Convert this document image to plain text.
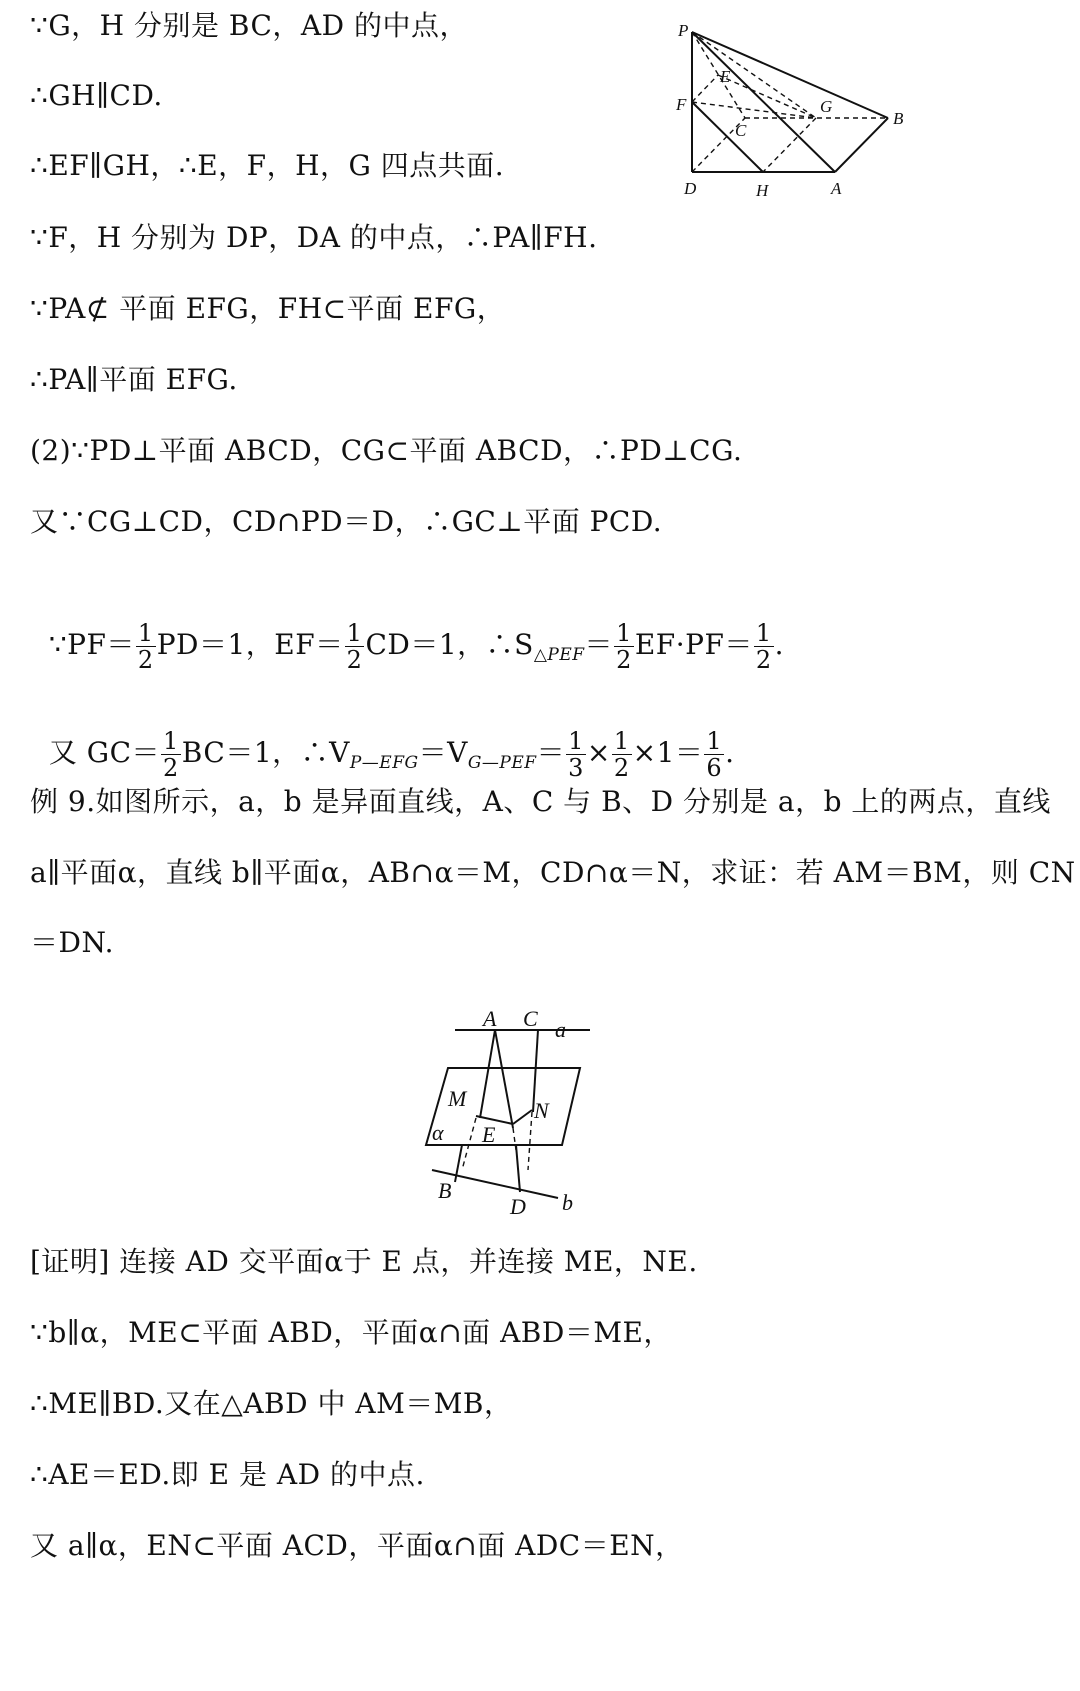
∵G，H 分别是 BC，AD 的中点，
∴GH∥CD.
∴EF∥GH，∴E，F，H，G 四点共面.
∵F，H 分别为 DP，DA 的中点，∴PA∥FH.
∵PA⊄ 平面 EFG，FH⊂平面 EFG，
∴PA∥平面 EFG.
(2)∵PD⊥平面 ABCD，CG⊂平面 ABCD，∴PD⊥CG.
又∵CG⊥CD，CD∩PD＝D，∴GC⊥平面 PCD.

∵PF＝ $\frac{1}{2} PD=1$，$EF= \frac{1}{2} CD=1$，$\therefore S_{\triangle PEF}= \frac{1}{2} EF\cdot PF= \frac{1}{2}$ .

又 $GC= \frac{1}{2} BC=1$，$\therefore V_{P—EFG}=V_{G—PEF}= \frac{1}{3} \times \frac{1}{2} \times 1= \frac{1}{6}$ .

例 9.如图所示，a，b 是异面直线，A、C 与 B、D 分别是 a，b 上的两点，直线
a∥平面α，直线 b∥平面α，AB∩α＝M，CD∩α＝N，求证：若 AM＝BM，则 CN
＝DN.
[证明] 连接 AD 交平面α于 E 点，并连接 ME，NE.
∵b∥α，ME⊂平面 ABD，平面α∩面 ABD＝ME，
∴ME∥BD.又在△ABD 中 AM＝MB，
∴AE＝ED.即 E 是 AD 的中点.
又 a∥α，EN⊂平面 ACD，平面α∩面 ADC＝EN，
P
E
F	G
C
B
D	H	A
A C a
M	N
α E
B
D b
